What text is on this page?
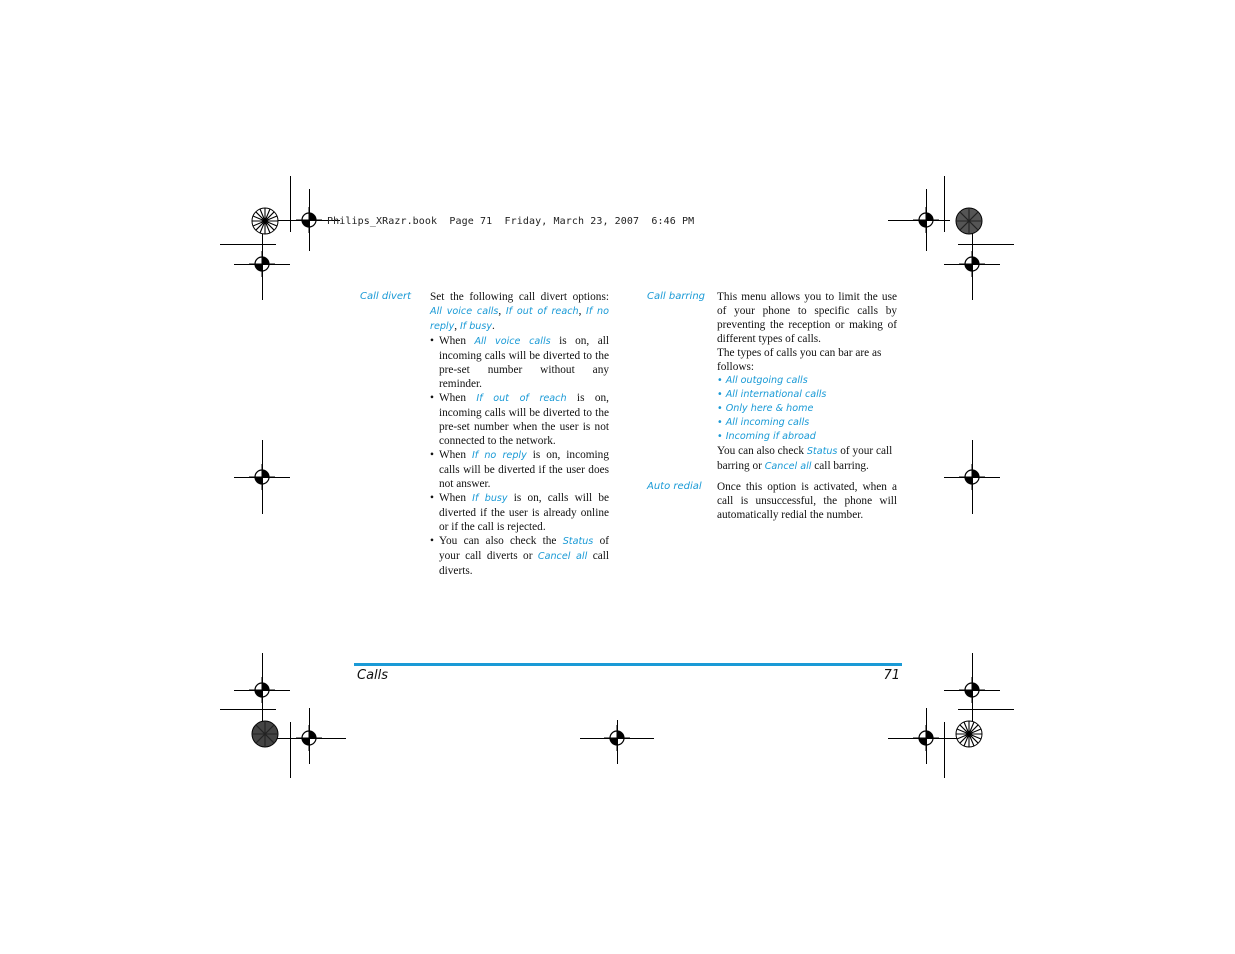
Philips_XRazr.book Page 71 Friday, March 23, 2007 6:46 PM
Call divert Set the following call divert options: All voice calls, If out of reach, If no reply, If busy.

• When All voice calls is on, all incoming calls will be diverted to the pre-set number without any reminder.
• When If out of reach is on, incoming calls will be diverted to the pre-set number when the user is not connected to the network.
• When If no reply is on, incoming calls will be diverted if the user does not answer.
• When If busy is on, calls will be diverted if the user is already online or if the call is rejected.
• You can also check the Status of your call diverts or Cancel all call diverts.
Call barring This menu allows you to limit the use of your phone to specific calls by preventing the reception or making of different types of calls.

The types of calls you can bar are as follows:

• All outgoing calls
• All international calls
• Only here & home
• All incoming calls
• Incoming if abroad

You can also check Status of your call barring or Cancel all call barring.

Auto redial Once this option is activated, when a call is unsuccessful, the phone will automatically redial the number.

Calls	71
